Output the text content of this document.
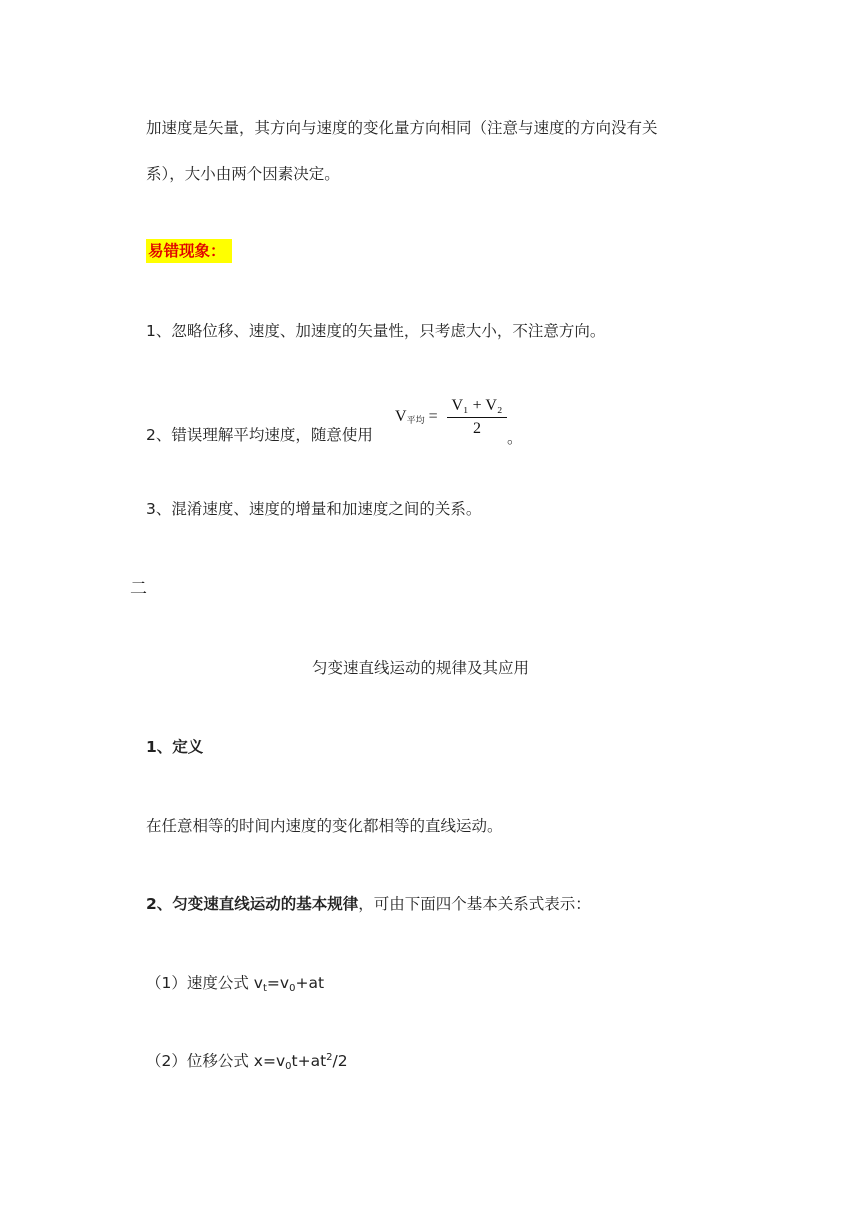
加速度是矢量，其方向与速度的变化量方向相同（注意与速度的方向没有关
系），大小由两个因素决定。
易错现象：
1、忽略位移、速度、加速度的矢量性，只考虑大小，不注意方向。
2、错误理解平均速度，随意使用
V平均 = $\frac{\text{V₁ + V₂}}{2}$ 。
3、混淆速度、速度的增量和加速度之间的关系。
二
匀变速直线运动的规律及其应用
1、定义
在任意相等的时间内速度的变化都相等的直线运动。
2、匀变速直线运动的基本规律，可由下面四个基本关系式表示：
（1）速度公式 vt=v0+at
（2）位移公式 $x=v0t+at^2/2$
